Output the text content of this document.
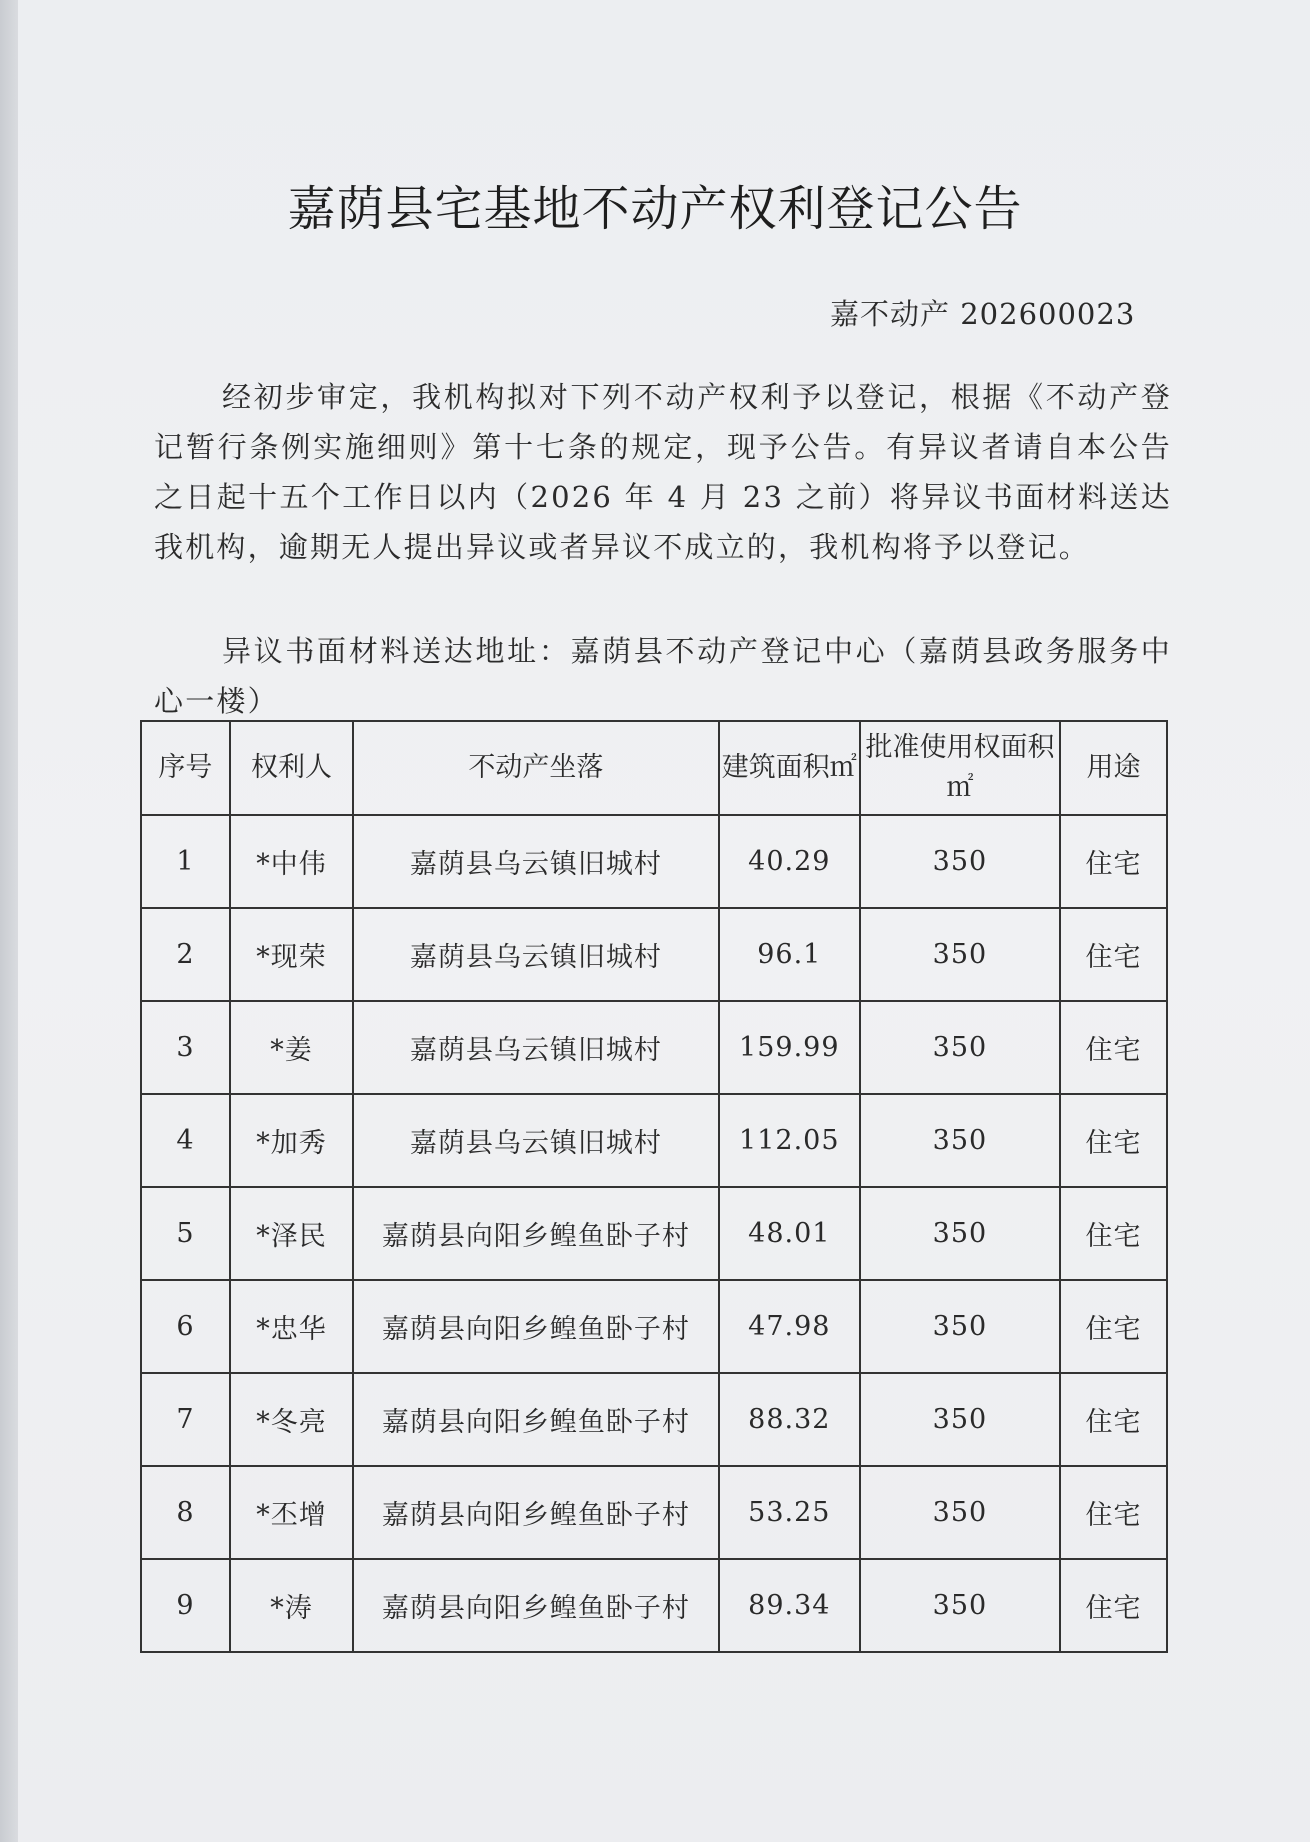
嘉荫县宅基地不动产权利登记公告
嘉不动产 202600023

经初步审定，我机构拟对下列不动产权利予以登记，根据《不动产登记暂行条例实施细则》第十七条的规定，现予公告。有异议者请自本公告之日起十五个工作日以内（2026 年 4 月 23 之前）将异议书面材料送达我机构，逾期无人提出异议或者异议不成立的，我机构将予以登记。

异议书面材料送达地址：嘉荫县不动产登记中心（嘉荫县政务服务中心一楼）

序号	权利人	不动产坐落	建筑面积㎡	批准使用权面积㎡	用途
1	*中伟	嘉荫县乌云镇旧城村	40.29	350	住宅
2	*现荣	嘉荫县乌云镇旧城村	96.1	350	住宅
3	*姜	嘉荫县乌云镇旧城村	159.99	350	住宅
4	*加秀	嘉荫县乌云镇旧城村	112.05	350	住宅
5	*泽民	嘉荫县向阳乡鳇鱼卧子村	48.01	350	住宅
6	*忠华	嘉荫县向阳乡鳇鱼卧子村	47.98	350	住宅
7	*冬亮	嘉荫县向阳乡鳇鱼卧子村	88.32	350	住宅
8	*丕增	嘉荫县向阳乡鳇鱼卧子村	53.25	350	住宅
9	*涛	嘉荫县向阳乡鳇鱼卧子村	89.34	350	住宅
